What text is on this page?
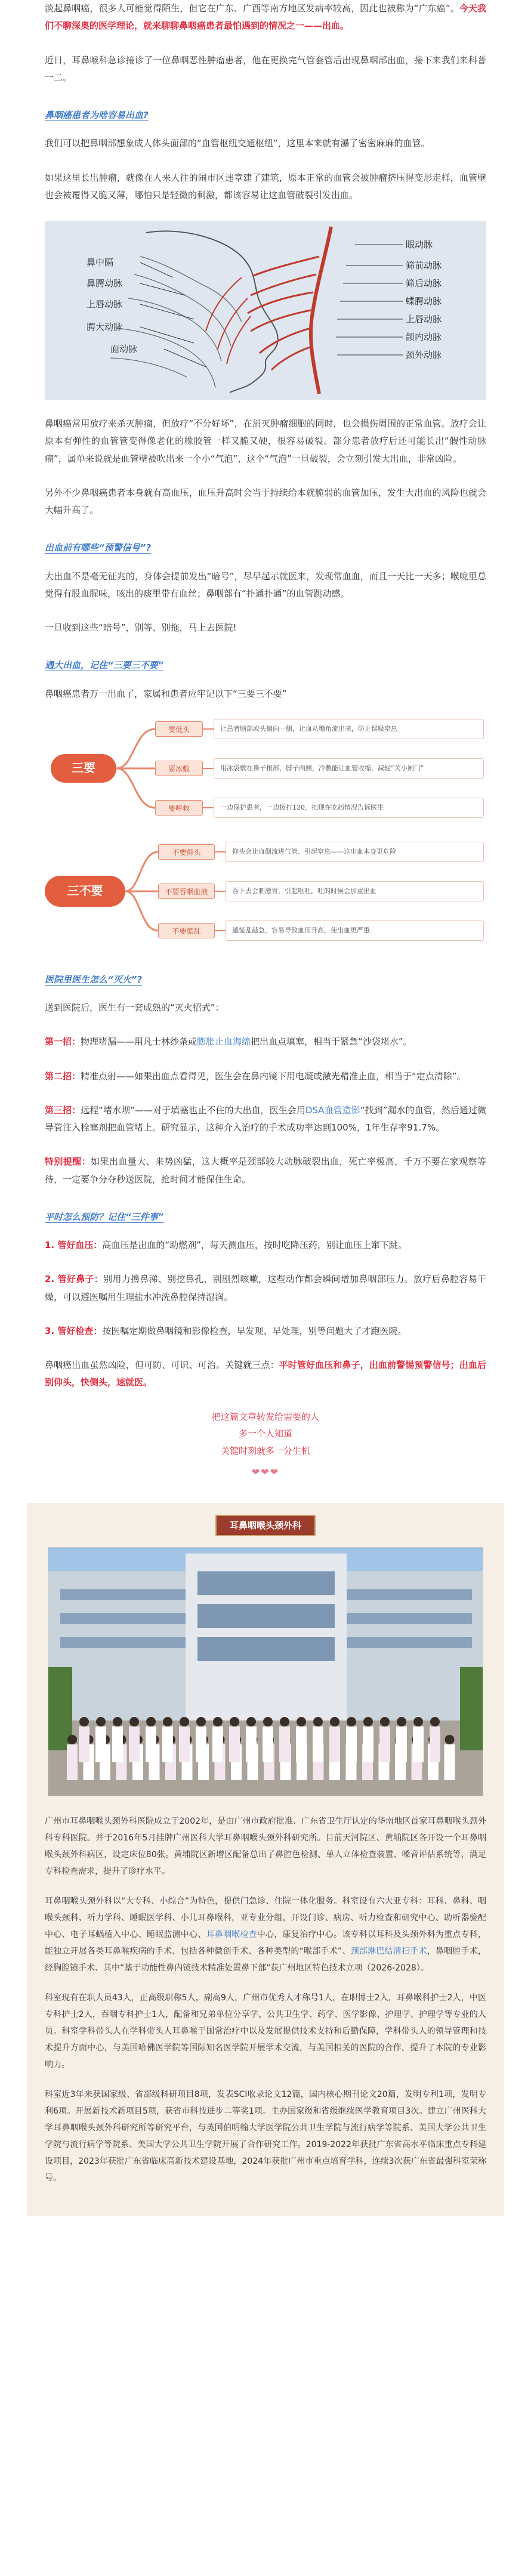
淡起鼻咽癌，很多人可能觉得陌生，但它在广东、广西等南方地区发病率较高，因此也被称为“广东癌”。今天我们不聊深奥的医学理论，就来聊聊鼻咽癌患者最怕遇到的情况之一——出血。

近日，耳鼻喉科急诊接诊了一位鼻咽恶性肿瘤患者，他在更换完气管套管后出现鼻咽部出血，接下来我们来科普一二。

鼻咽癌患者为啥容易出血?

我们可以把鼻咽部想象成人体头面部的“血管枢纽交通枢纽”，这里本来就有瀑了密密麻麻的血管。

如果这里长出肿瘤，就像在人来人往的闹市区违章建了建筑，原本正常的血管会被肿瘤挤压得变形走样，血管壁也会被覆得又脆又薄，哪怕只是轻微的刺激，都该容易让这血管破裂引发出血。

眼动脉
筛前动脉
筛后动脉
蝶腭动脉
上唇动脉
颌内动脉
颈外动脉
鼻中隔
鼻腭动脉
上唇动脉
腭大动脉
面动脉

鼻咽癌常用放疗来杀灭肿瘤，但放疗“不分好坏”，在消灭肿瘤细胞的同时，也会损伤周围的正常血管。放疗会让原本有弹性的血管管变得像老化的橡胶管一样又脆又硬，很容易破裂。部分患者放疗后还可能长出“假性动脉瘤”，属单来说就是血管壁被吹出来一个小“气泡”，这个“气泡”一旦破裂，会立刻引发大出血，非常凶险。

另外不少鼻咽癌患者本身就有高血压，血压升高时会当于持续给本就脆弱的血管加压，发生大出血的风险也就会大幅升高了。

出血前有哪些“预警信号”?

大出血不是毫无征兆的，身体会提前发出“暗号”，尽早起示就医来，发现常血血，而且一天比一天多；喉咙里总觉得有股血腥味，咳出的痰里带有血丝；鼻咽部有“扑通扑通”的血管跳动感。

一旦收到这些“暗号”，别等、别拖，马上去医院!

遇大出血，记住“三要三不要”

鼻咽癌患者万一出血了，家属和患者应牢记以下“三要三不要”

三要
要低头	让患者脑部或头偏向一侧，让血从嘴角流出来，防止误吸窒息
要冰敷	用冰袋敷在鼻子根部，脖子两侧，冷敷能让血管收缩，减轻“关小闸门”
要呼救	一边保护患者，一边拨打120，把现在吃药情况告诉医生
三不要
不要仰头	仰头会让血倒流进气管、引起窒息——这出血本身更危险
不要吞咽血液	吞下去会刺激胃，引起呕吐，吐的时候会加重出血
不要慌乱	越慌乱越急，容易导致血压升高，使出血更严重
医院里医生怎么“灭火”?

送到医院后，医生有一套成熟的“灭火招式”：

第一招：物理堵漏——用凡士林纱条或膨胀止血海绵把出血点填塞，相当于紧急“沙袋堵水”。

第二招：精准点射——如果出血点看得见，医生会在鼻内镜下用电凝或激光精准止血，相当于“定点清除”。

第三招：远程“堵水坝”——对于填塞也止不住的大出血，医生会用DSA血管造影“找到”漏水的血管，然后通过微导管注入栓塞剂把血管堵上。研究显示，这种介入治疗的手术成功率达到100%，1年生存率91.7%。

特别提醒：如果出血量大、来势凶猛，这大概率是颈部较大动脉破裂出血，死亡率极高，千万不要在家观察等待，一定要争分夺秒送医院，抢时间才能保住生命。

平时怎么预防？记住“三件事”

1. 管好血压：高血压是出血的“助燃剂”，每天测血压，按时吃降压药，别让血压上窜下跳。

2. 管好鼻子：别用力擤鼻涕、别挖鼻孔、别剧烈咳嗽，这些动作都会瞬间增加鼻咽部压力。放疗后鼻腔容易干燥，可以遵医嘱用生理盐水冲洗鼻腔保持湿润。

3. 管好检查：按医嘱定期做鼻咽镜和影像检查，早发现、早处理，别等问题大了才跑医院。

鼻咽癌出血虽然凶险，但可防、可识、可治。关键就三点：平时管好血压和鼻子，出血前警惕预警信号；出血后别仰头，快侧头，速就医。

把这篇文章转发给需要的人
多一个人知道
关键时刻就多一分生机
❤❤❤
耳鼻咽喉头颈外科

广州市耳鼻咽喉头颈外科医院成立于2002年，是由广州市政府批准、广东省卫生厅认定的华南地区首家耳鼻咽喉头颈外科专科医院。并于2016年5月挂牌广州医科大学耳鼻咽喉头颈外科研究所。目前天河院区、黄埔院区各开设一个耳鼻咽喉头颈外科病区，设定床位80张。黄埔院区新增区配备总出了鼻腔色检测、单人立体检查装置、嗓音评估系统等，满足专科检查需求，提升了诊疗水平。

耳鼻咽喉头颈外科以“大专科、小综合”为特色，提供门急诊、住院一体化服务。科室设有六大亚专科：耳科、鼻科、咽喉头颈科、听力学科、睡眠医学科、小儿耳鼻喉科，亚专业分组，开设门诊、病房、听力检查和研究中心、助听器验配中心、电子耳蜗植入中心、睡眠监测中心、耳鼻咽喉检查中心，康复治疗中心。该专科以耳科及头颈外科为重点专科，能独立开展各类耳鼻喉疾病的手术、包括各种微创手术、各种类型的“喉部手术”、颈部淋巴结清扫手术，鼻咽腔手术，经胸腔镜手术、其中“基于功能性鼻内镜技术精准处置鼻下部“获广州地区特色技术立项（2026-2028）。

科室现有在职人员43人，正高级职称5人，副高9人，广州市优秀人才称号1人，在职博士2人，耳鼻喉科护士2人，中医专科护士2人，吞咽专科护士1人，配备和兄弟单位分享学、公共卫生学、药学、医学影像、护理学、护理学等专业的人员。科室学科带头人在学科带头人耳鼻喉于国常治疗中以及发展提供技术支持和后勤保障，学科带头人的领导管理和技术提升方面中心，与美国哈佛医学院等国际知名医学院开展学术交流，与美国相关的医院的合作，提升了本院的专业影响力。

科室近3年来获国家级、省部级科研项目8项，发表SCI收录论文12篇，国内核心期刊论文20篇，发明专利1项，发明专利6项。开展新技术新项目5项，获省市科技进步二等奖1项。主办国家级和省级继续医学教育项目3次。建立广州医科大学耳鼻咽喉头颈外科研究所等研究平台，与英国伯明翰大学医学院公共卫生学院与流行病学等院系、美国大学公共卫生学院与流行病学等院系、美国大学公共卫生学院开展了合作研究工作。2019-2022年获批广东省高水平临床重点专科建设项目，2023年获批广东省临床高新技术建设基地，2024年获批广州市重点培育学科，连续3次获广东省最强科室荣称号。
